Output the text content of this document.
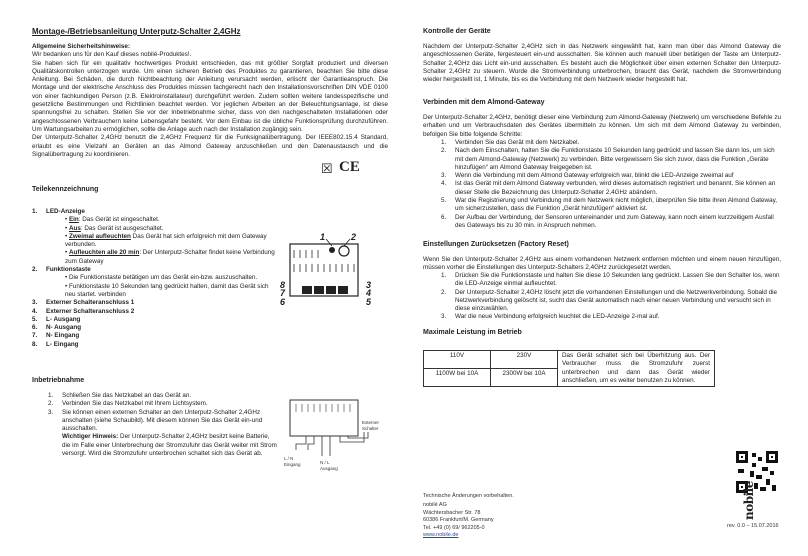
Montage-/Betriebsanleitung Unterputz-Schalter 2,4GHz
Allgemeine Sicherheitshinweise:

Wir bedanken uns für den Kauf dieses nobilé-Produktes!.

Sie haben sich für ein qualitativ hochwertiges Produkt entschieden, das mit größter Sorgfalt produziert und diversen Qualitätskontrollen unterzogen wurde. Um einen sicheren Betrieb des Produktes zu garantieren, beachten Sie bitte diese Anleitung. Bei Schäden, die durch Nichtbeachtung der Anleitung verursacht werden, erlischt der Garantieanspruch. Die Montage und der elektrische Anschluss des Produktes müssen fachgerecht nach den Installationsvorschriften DIN VDE 0100 von einer fachkundigen Person (z.B. Elektroinstallateur) durchgeführt werden. Zudem sollten weitere landesspezifische und gesetzliche Bestimmungen und Richtlinien beachtet werden. Vor jeglichen Arbeiten an der Beleuchtungsanlage, ist diese spannungsfrei zu schalten. Stellen Sie vor der Inbetriebnahme sicher, dass von den nachgeschalteten Installationen oder angeschlossenen Verbrauchern keine Lebensgefahr besteht. Vor dem Einbau ist die übliche Funktionsprüfung durchzuführen. Um Wartungsarbeiten zu ermöglichen, sollte die Anlage auch nach der Installation zugängig sein.

Der Unterputz-Schalter 2,4GHz benutzt die 2,4GHz Frequenz für die Funksignalübertragung. Der IEEE802.15.4 Standard, erlaubt es eine Vielzahl an Geräten an das Almond Gateway anzuschließen und den Datenaustausch und die Signalübertragung zu koordinieren.

☒ CE
Teilekennzeichnung
1. LED-Anzeige
• Ein: Das Gerät ist eingeschaltet.
• Aus: Das Gerät ist ausgeschaltet.
• Zweimal aufleuchten Das Gerät hat sich erfolgreich mit dem Gateway verbunden.
• Aufleuchten alle 20 min: Der Unterputz-Schalter findet keine Verbindung zum Gateway
2. Funktionstaste
• Die Funktionstaste betätigen um das Gerät ein-bzw. auszuschalten.
• Funktionstaste 10 Sekunden lang gedrückt halten, damit das Gerät sich neu startet. verbinden
3. Externer Schalteranschluss 1
4. Externer Schalteranschluss 2
5. L- Ausgang
6. N- Ausgang
7. N- Eingang
8. L- Eingang
1	2
8
7
6
3
4
5
Inbetriebnahme
1.	Schließen Sie das Netzkabel an das Gerät an.
2.	Verbinden Sie das Netzkabel mit Ihrem Lichtsystem.
3.	Sie können einen externen Schalter an den Unterputz-Schalter 2,4GHz anschalten (siehe Schaubild). Mit diesem können Sie das Gerät ein-und ausschalten.
Wichtiger Hinweis: Der Unterputz-Schalter 2,4GHz besitzt keine Batterie, die im Falle einer Unterbrechung der Stromzufuhr das Gerät weiter mit Strom versorgt. Wird die Stromzufuhr unterbrochen schaltet sich das Gerät ab.
L / N
Eingang	N / L
Ausgang
Externer
Schalter
Kontrolle der Geräte

Nachdem der Unterputz-Schalter 2,4GHz sich in das Netzwerk eingewählt hat, kann man über das Almond Gateway die angeschlossenen Geräte, fergesteuert ein-und ausschalten. Sie können auch manuell über betätigen der Taste am Unterputz-Schalter 2,4GHz das Licht ein-und ausschalten. Es besteht auch die Möglichkeit über einen externen Schalter den Unterputz-Schalter 2,4GHz zu steuern. Wurde die Stromverbindung unterbrochen, braucht das Gerät, nachdem die Stromverbindung wieder hergestellt ist, 1 Minute, bis es die Verbindung mit dem Netzwerk wieder hergestellt hat.

Verbinden mit dem Almond-Gateway

Der Unterputz-Schalter 2,4GHz, benötigt dieser eine Verbindung zum Almond-Gateway (Netzwerk) um verschiedene Befehle zu erhalten und um Verbrauchsdaten des Gerätes übermitteln zu können. Um sich mit dem Almond Gateway zu verbinden, befolgen Sie bitte folgende Schritte:

1.	Verbinden Sie das Gerät mit dem Netzkabel.
2.	Nach dem Einschalten, halten Sie die Funktionstaste 10 Sekunden lang gedrückt und lassen Sie dann los, um sich mit dem Almond-Gateway (Netzwerk) zu verbinden. Bitte vergewissern Sie sich zuvor, dass die Funktion „Geräte hinzufügen“ am Almond Gateway freigegeben ist.
3.	Wenn die Verbindung mit dem Almond Gateway erfolgreich war, blinkt die LED-Anzeige zweimal auf
4.	Ist das Gerät mit dem Almond Gateway verbunden, wird dieses automatisch registriert und benannt. Sie können an dieser Stelle die Bezeichnung des Unterputz-Schalter 2,4GHz abändern.
5.	War die Registrierung und Verbindung mit dem Netzwerk nicht möglich, überprüfen Sie bitte ihren Almond Gateway, um sicherzustellen, dass die Funktion „Gerät hinzufügen“ aktiviert ist.
6.	Der Aufbau der Verbindung, der Sensoren untereinander und zum Gateway, kann noch einem kurzzeitigem Ausfall des Gateways bis zu 30 min. in Anspruch nehmen.
Einstellungen Zurücksetzen (Factory Reset)

Wenn Sie den Unterputz-Schalter 2,4GHz aus einem vorhandenen Netzwerk entfernen möchten und einem neuen hinzufügen, müssen vorher die Einstellungen des Unterputz-Schalters 2,4GHz zurückgesetzt werden.

1.	Drücken Sie die Funktionstaste und halten Sie diese 10 Sekunden lang gedrückt. Lassen Sie den Schalter los, wenn die LED-Anzeige einmal aufleuchtet.
2.	Der Unterputz-Schalter 2,4GHz löscht jetzt die vorhandenen Einstellungen und die Netzwerkverbindung. Sobald die Netzwerkverbindung gelöscht ist, sucht das Gerät automatisch nach einer neuen Verbindung und versucht sich in diese einzuwählen.
3.	War die neue Verbindung erfolgreich leuchtet die LED-Anzeige 2-mal auf.
Maximale Leistung im Betrieb
110V	230V	Das Gerät schaltet sich bei Überhitzung aus. Der Verbraucher muss die Stromzufuhr zuerst unterbrechen und dann das Gerät wieder anschließen, um es weiter benutzen zu können.
1100W bei 10A	2300W bei 10A	
nobile
Technische Änderungen vorbehalten.
nobilé AG
Wächtersbacher Str. 78
60386 Frankfurt/M. Germany
Tel. +49 (0) 69/ 962205-0
www.nobile.de
rev. 0.0 – 15.07.2016
